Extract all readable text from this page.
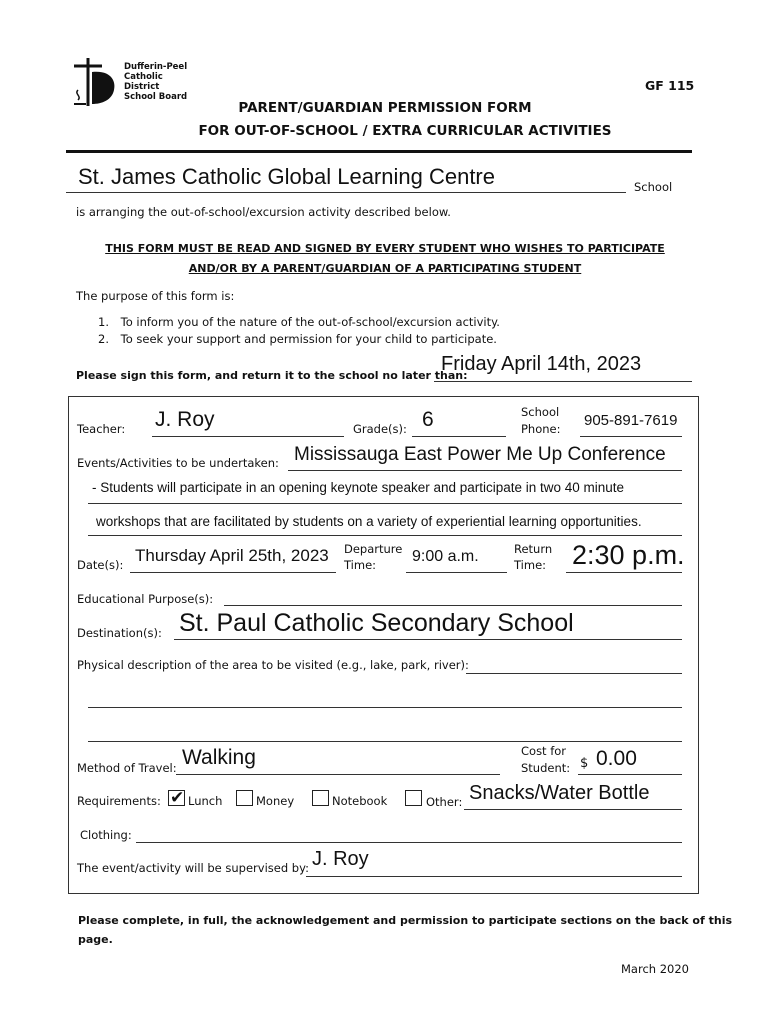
Dufferin-Peel
Catholic District
School Board
GF 115
PARENT/GUARDIAN PERMISSION FORM
FOR OUT-OF-SCHOOL / EXTRA CURRICULAR ACTIVITIES
St. James Catholic Global Learning Centre	School
is arranging the out-of-school/excursion activity described below.
THIS FORM MUST BE READ AND SIGNED BY EVERY STUDENT WHO WISHES TO PARTICIPATE
AND/OR BY A PARENT/GUARDIAN OF A PARTICIPATING STUDENT
The purpose of this form is:
1. To inform you of the nature of the out-of-school/excursion activity.
2. To seek your support and permission for your child to participate.
Please sign this form, and return it to the school no later than:
Friday April 14th, 2023
Teacher: J. Roy	Grade(s): 6	School
Phone: 905-891-7619
Events/Activities to be undertaken: Mississauga East Power Me Up Conference
- Students will participate in an opening keynote speaker and participate in two 40 minute
workshops that are facilitated by students on a variety of experiential learning opportunities.
Date(s): Thursday April 25th, 2023 Departure
Time:	9:00 a.m.	Return
Time: 2:30 p.m.
Educational Purpose(s):
Destination(s): St. Paul Catholic Secondary School
Physical description of the area to be visited (e.g., lake, park, river):
Method of Travel: Walking	Cost for
Student: $ 0.00
Requirements: ✔ Lunch	Money	Notebook	Other: Snacks/Water Bottle
Clothing:
The event/activity will be supervised by: J. Roy
Please complete, in full, the acknowledgement and permission to participate sections on the back of this
page.
March 2020
